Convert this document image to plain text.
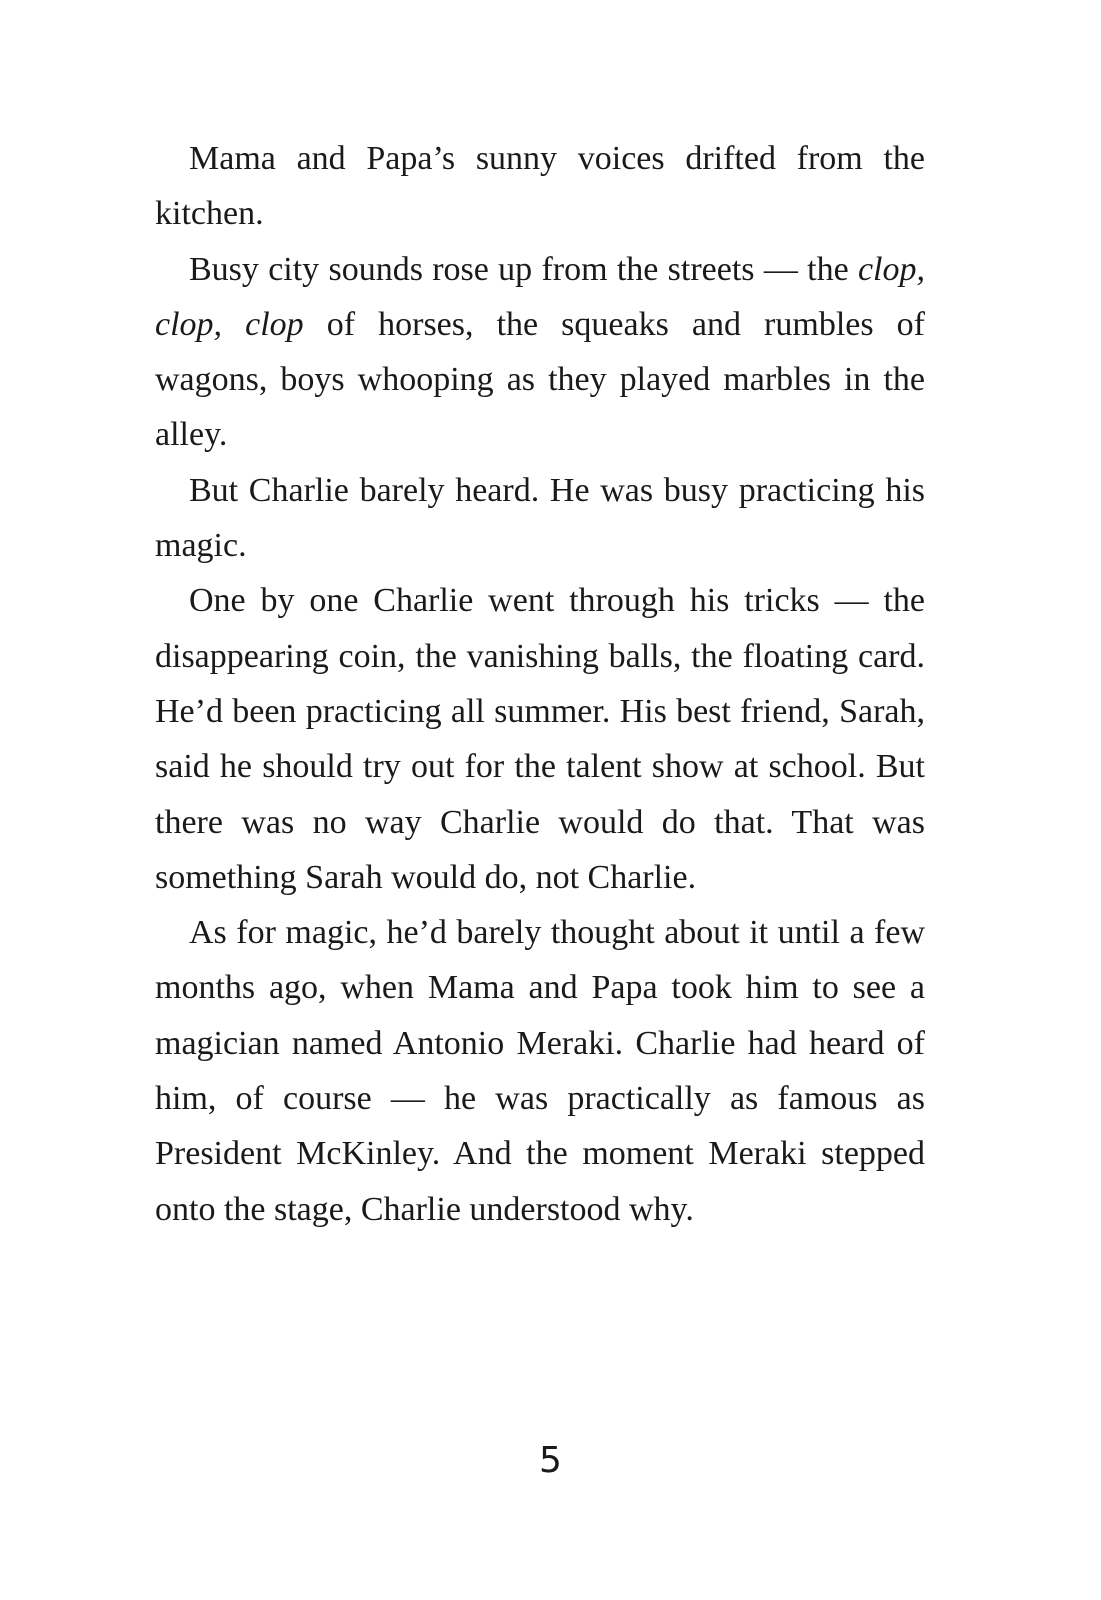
Mama and Papa’s sunny voices drifted from the kitchen.

Busy city sounds rose up from the streets — the clop, clop, clop of horses, the squeaks and rumbles of wagons, boys whooping as they played marbles in the alley.

But Charlie barely heard. He was busy practicing his magic.

One by one Charlie went through his tricks — the disappearing coin, the vanishing balls, the floating card. He’d been practicing all summer. His best friend, Sarah, said he should try out for the talent show at school. But there was no way Charlie would do that. That was something Sarah would do, not Charlie.

As for magic, he’d barely thought about it until a few months ago, when Mama and Papa took him to see a magician named Antonio Meraki. Charlie had heard of him, of course — he was practically as famous as President McKinley. And the moment Meraki stepped onto the stage, Charlie understood why.

5
